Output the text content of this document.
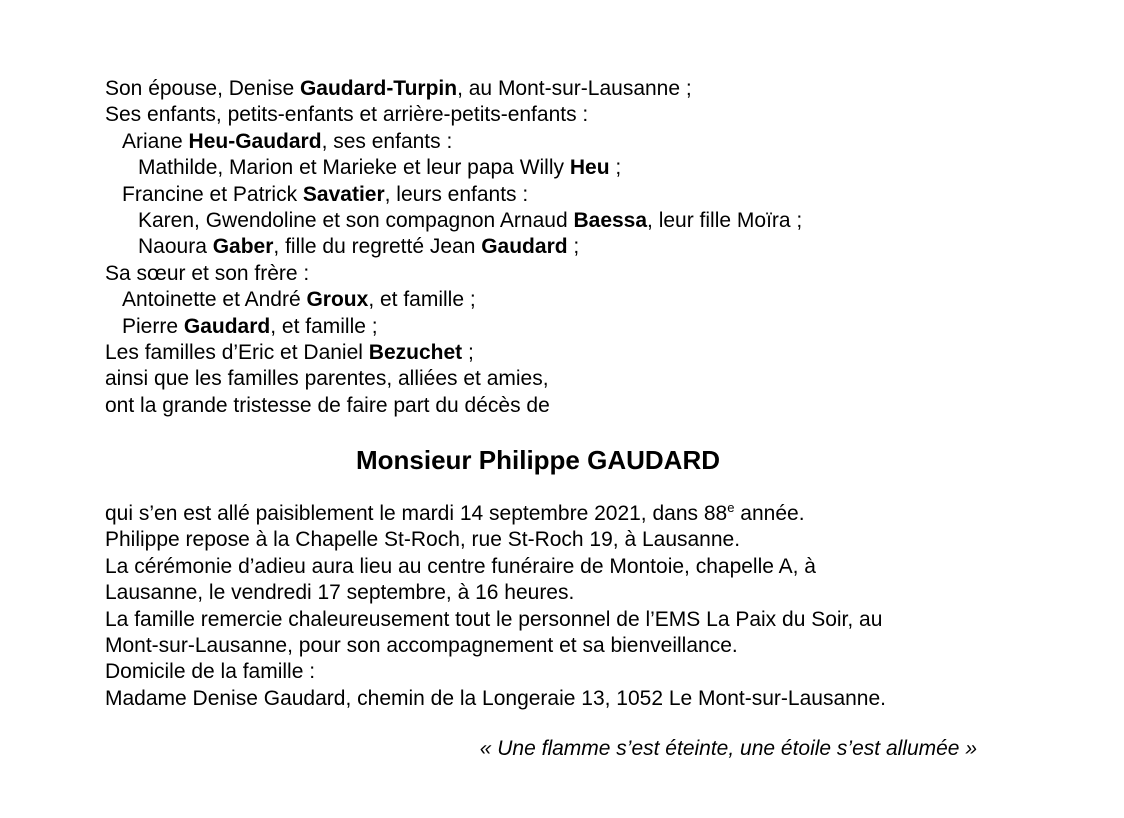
Son épouse, Denise Gaudard-Turpin, au Mont-sur-Lausanne ;
Ses enfants, petits-enfants et arrière-petits-enfants :
Ariane Heu-Gaudard, ses enfants :
Mathilde, Marion et Marieke et leur papa Willy Heu ;
Francine et Patrick Savatier, leurs enfants :
Karen, Gwendoline et son compagnon Arnaud Baessa, leur fille Moïra ;
Naoura Gaber, fille du regretté Jean Gaudard ;
Sa sœur et son frère :
Antoinette et André Groux, et famille ;
Pierre Gaudard, et famille ;
Les familles d’Eric et Daniel Bezuchet ;
ainsi que les familles parentes, alliées et amies,
ont la grande tristesse de faire part du décès de
Monsieur Philippe GAUDARD
qui s’en est allé paisiblement le mardi 14 septembre 2021, dans 88e année.
Philippe repose à la Chapelle St-Roch, rue St-Roch 19, à Lausanne.
La cérémonie d’adieu aura lieu au centre funéraire de Montoie, chapelle A, à
Lausanne, le vendredi 17 septembre, à 16 heures.
La famille remercie chaleureusement tout le personnel de l’EMS La Paix du Soir, au
Mont-sur-Lausanne, pour son accompagnement et sa bienveillance.
Domicile de la famille :
Madame Denise Gaudard, chemin de la Longeraie 13, 1052 Le Mont-sur-Lausanne.
« Une flamme s’est éteinte, une étoile s’est allumée »
